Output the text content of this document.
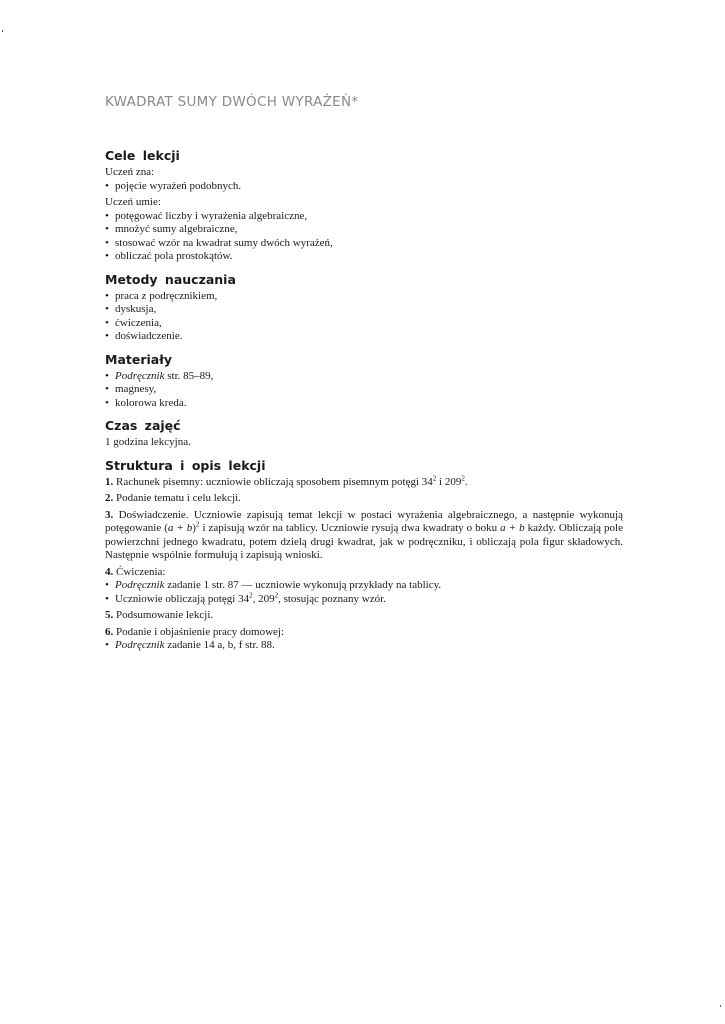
KWADRAT SUMY DWÓCH WYRAŻEŃ*
Cele lekcji

Uczeń zna:

• pojęcie wyrażeń podobnych.

Uczeń umie:

• potęgować liczby i wyrażenia algebraiczne,
• mnożyć sumy algebraiczne,
• stosować wzór na kwadrat sumy dwóch wyrażeń,
• obliczać pola prostokątów.
Metody nauczania
• praca z podręcznikiem,
• dyskusja,
• ćwiczenia,
• doświadczenie.
Materiały
• Podręcznik str. 85–89,
• magnesy,
• kolorowa kreda.
Czas zajęć

1 godzina lekcyjna.

Struktura i opis lekcji

1. Rachunek pisemny: uczniowie obliczają sposobem pisemnym potęgi $34^2$ i $209^2$.

2. Podanie tematu i celu lekcji.

3. Doświadczenie. Uczniowie zapisują temat lekcji w postaci wyrażenia algebraicznego, a następnie wykonują potęgowanie $(a + b)^2$ i zapisują wzór na tablicy. Uczniowie rysują dwa kwadraty o boku a + b każdy. Obliczają pole powierzchni jednego kwadratu, potem dzielą drugi kwadrat, jak w podręczniku, i obliczają pola figur składowych. Następnie wspólnie formułują i zapisują wnioski.

4. Ćwiczenia:

• Podręcznik zadanie 1 str. 87 — uczniowie wykonują przykłady na tablicy.
• Uczniowie obliczają potęgi $34^2$, $209^2$, stosując poznany wzór.

5. Podsumowanie lekcji.

6. Podanie i objaśnienie pracy domowej:

• Podręcznik zadanie 14 a, b, f str. 88.
